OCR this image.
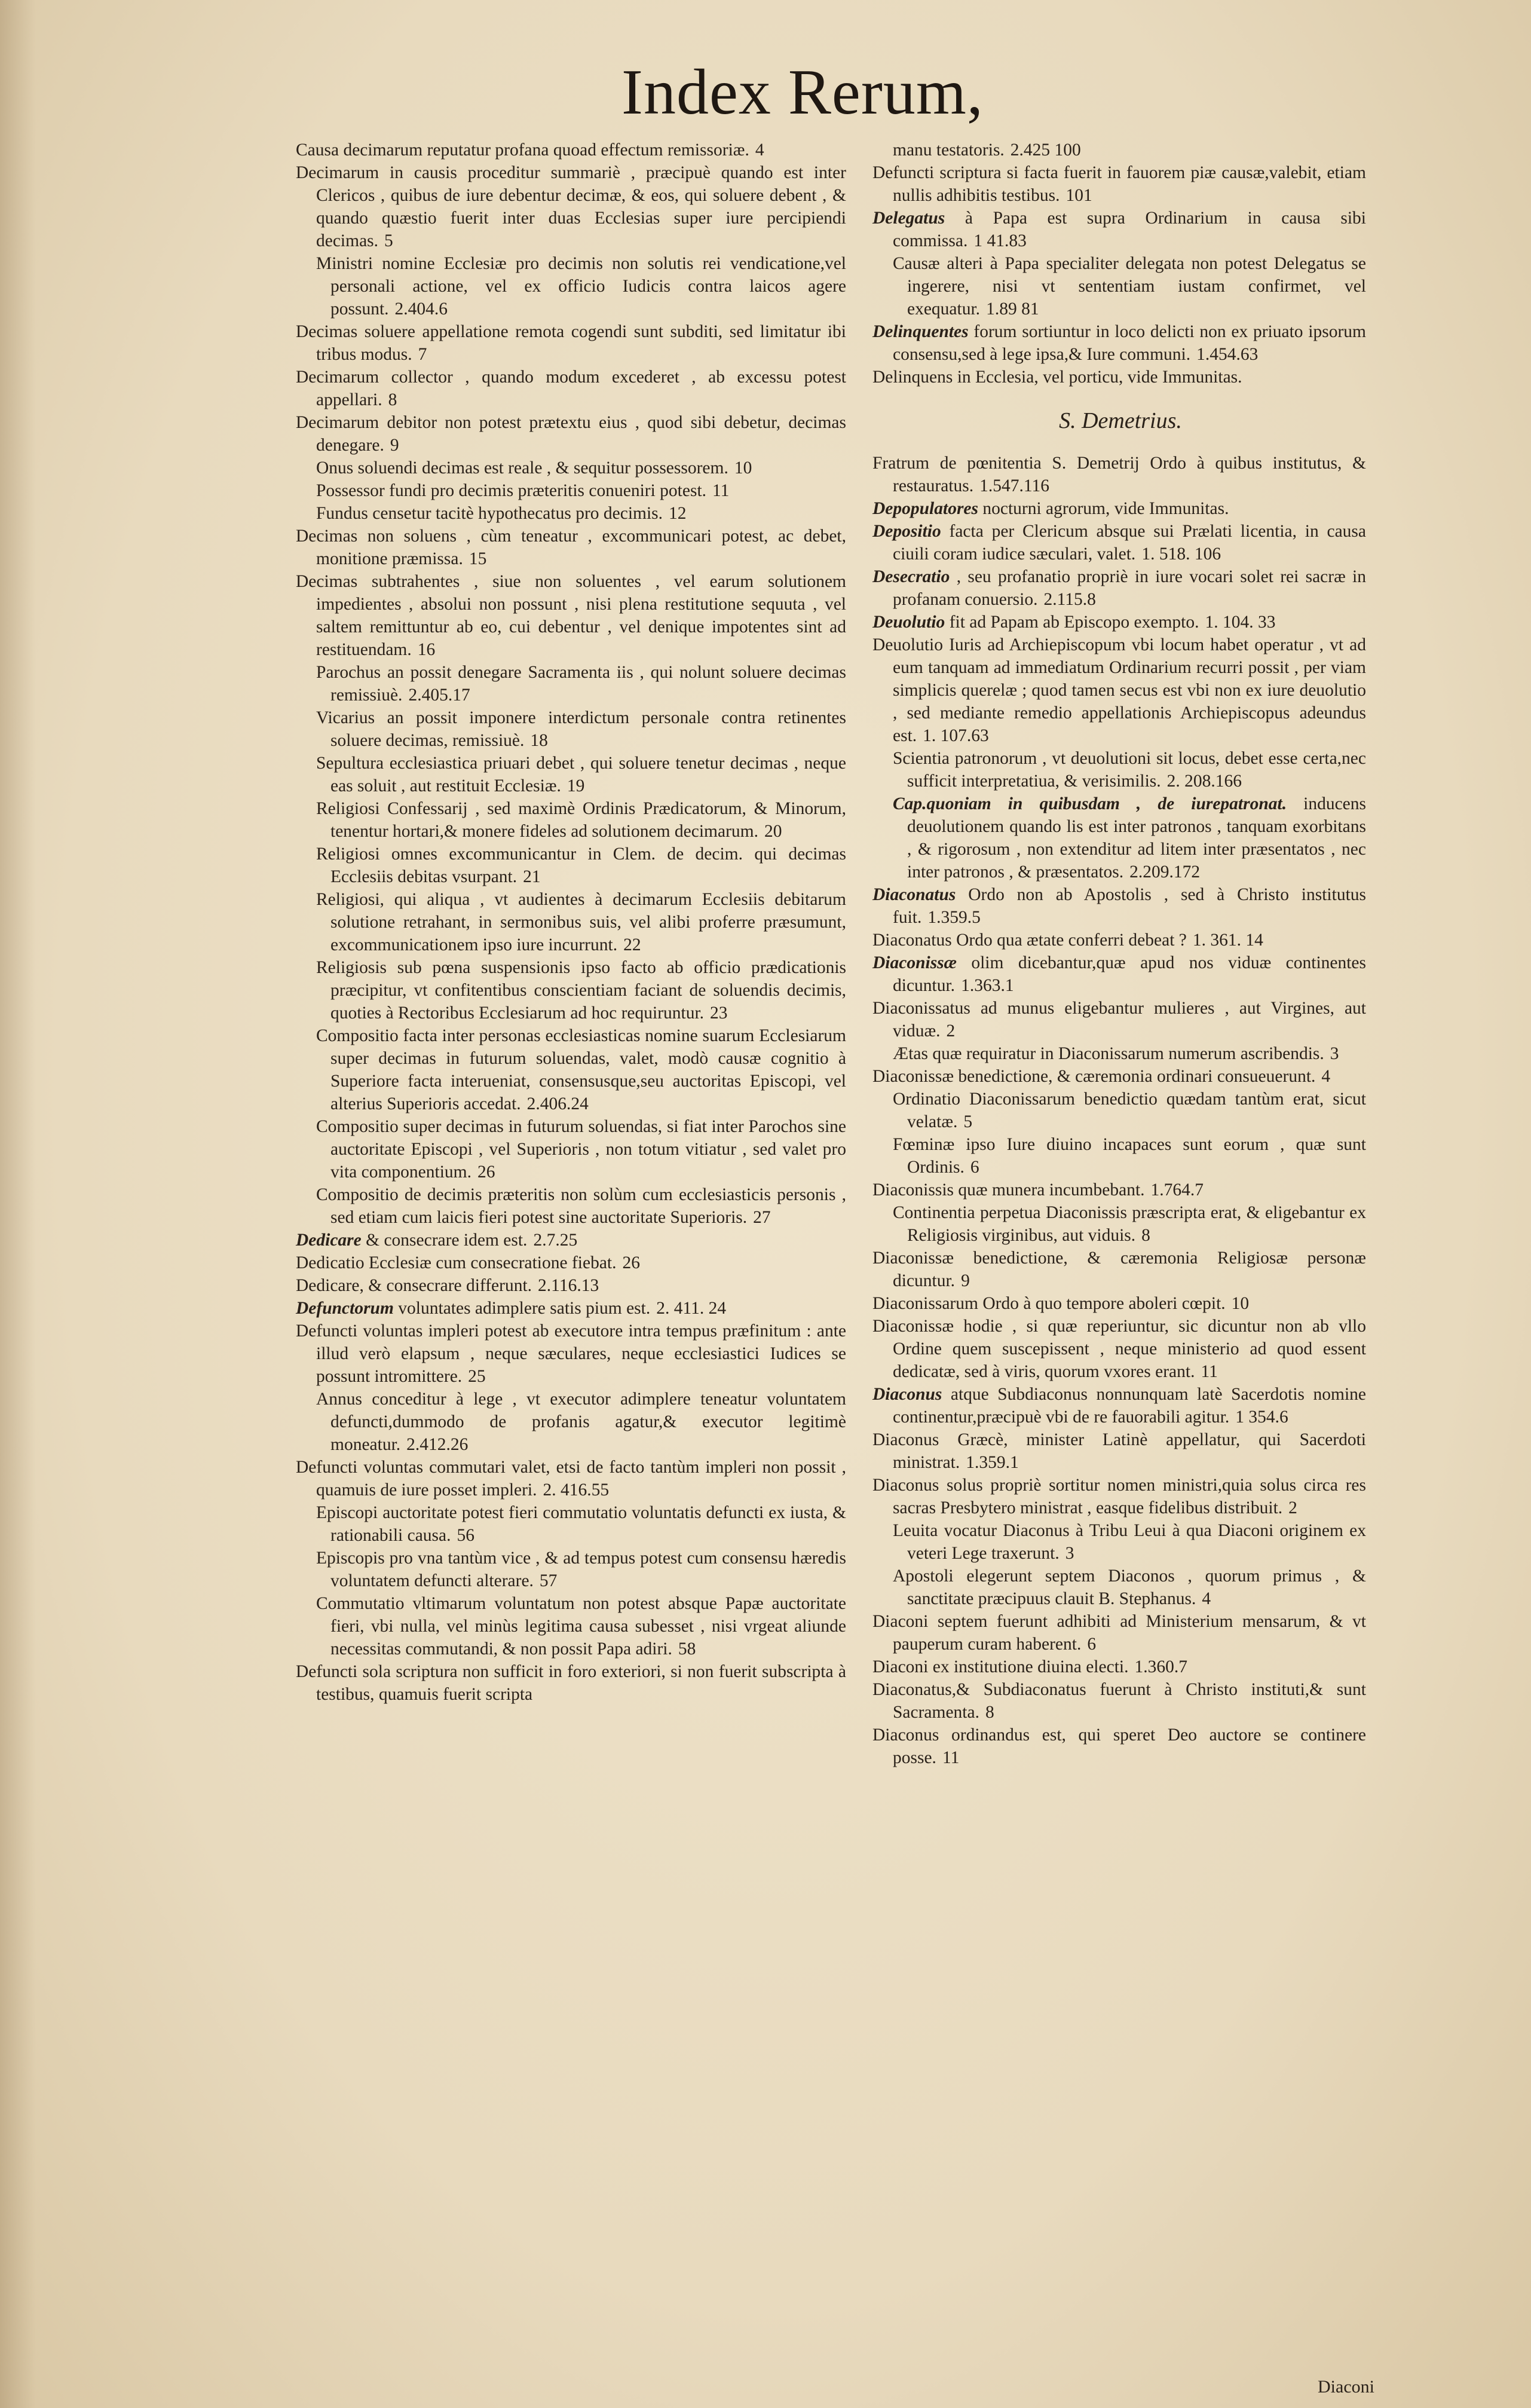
Index Rerum,

Causa decimarum reputatur profana quoad effectum remissoriæ. 4

Decimarum in causis proceditur summariè , præcipuè quando est inter Clericos , quibus de iure debentur decimæ, & eos, qui soluere debent , & quando quæstio fuerit inter duas Ecclesias super iure percipiendi decimas. 5

Ministri nomine Ecclesiæ pro decimis non solutis rei vendicatione,vel personali actione, vel ex officio Iudicis contra laicos agere possunt. 2.404.6

Decimas soluere appellatione remota cogendi sunt subditi, sed limitatur ibi tribus modus. 7

Decimarum collector , quando modum excederet , ab excessu potest appellari. 8

Decimarum debitor non potest prætextu eius , quod sibi debetur, decimas denegare. 9

Onus soluendi decimas est reale , & sequitur possessorem. 10

Possessor fundi pro decimis præteritis conueniri potest. 11

Fundus censetur tacitè hypothecatus pro decimis. 12

Decimas non soluens , cùm teneatur , excommunicari potest, ac debet, monitione præmissa. 15

Decimas subtrahentes , siue non soluentes , vel earum solutionem impedientes , absolui non possunt , nisi plena restitutione sequuta , vel saltem remittuntur ab eo, cui debentur , vel denique impotentes sint ad restituendam. 16

Parochus an possit denegare Sacramenta iis , qui nolunt soluere decimas remissiuè. 2.405.17

Vicarius an possit imponere interdictum personale contra retinentes soluere decimas, remissiuè. 18

Sepultura ecclesiastica priuari debet , qui soluere tenetur decimas , neque eas soluit , aut restituit Ecclesiæ. 19

Religiosi Confessarij , sed maximè Ordinis Prædicatorum, & Minorum, tenentur hortari,& monere fideles ad solutionem decimarum. 20

Religiosi omnes excommunicantur in Clem. de decim. qui decimas Ecclesiis debitas vsurpant. 21

Religiosi, qui aliqua , vt audientes à decimarum Ecclesiis debitarum solutione retrahant, in sermonibus suis, vel alibi proferre præsumunt, excommunicationem ipso iure incurrunt. 22

Religiosis sub pœna suspensionis ipso facto ab officio prædicationis præcipitur, vt confitentibus conscientiam faciant de soluendis decimis, quoties à Rectoribus Ecclesiarum ad hoc requiruntur. 23

Compositio facta inter personas ecclesiasticas nomine suarum Ecclesiarum super decimas in futurum soluendas, valet, modò causæ cognitio à Superiore facta interueniat, consensusque,seu auctoritas Episcopi, vel alterius Superioris accedat. 2.406.24

Compositio super decimas in futurum soluendas, si fiat inter Parochos sine auctoritate Episcopi , vel Superioris , non totum vitiatur , sed valet pro vita componentium. 26

Compositio de decimis præteritis non solùm cum ecclesiasticis personis , sed etiam cum laicis fieri potest sine auctoritate Superioris. 27

Dedicare & consecrare idem est. 2.7.25

Dedicatio Ecclesiæ cum consecratione fiebat. 26

Dedicare, & consecrare differunt. 2.116.13

Defunctorum voluntates adimplere satis pium est. 2. 411. 24

Defuncti voluntas impleri potest ab executore intra tempus præfinitum : ante illud verò elapsum , neque sæculares, neque ecclesiastici Iudices se possunt intromittere. 25

Annus conceditur à lege , vt executor adimplere teneatur voluntatem defuncti,dummodo de profanis agatur,& executor legitimè moneatur. 2.412.26

Defuncti voluntas commutari valet, etsi de facto tantùm impleri non possit , quamuis de iure posset impleri. 2. 416.55

Episcopi auctoritate potest fieri commutatio voluntatis defuncti ex iusta, & rationabili causa. 56

Episcopis pro vna tantùm vice , & ad tempus potest cum consensu hæredis voluntatem defuncti alterare. 57

Commutatio vltimarum voluntatum non potest absque Papæ auctoritate fieri, vbi nulla, vel minùs legitima causa subesset , nisi vrgeat aliunde necessitas commutandi, & non possit Papa adiri. 58

Defuncti sola scriptura non sufficit in foro exteriori, si non fuerit subscripta à testibus, quamuis fuerit scripta

manu testatoris. 2.425 100

Defuncti scriptura si facta fuerit in fauorem piæ causæ,valebit, etiam nullis adhibitis testibus. 101

Delegatus à Papa est supra Ordinarium in causa sibi commissa. 1 41.83

Causæ alteri à Papa specialiter delegata non potest Delegatus se ingerere, nisi vt sententiam iustam confirmet, vel exequatur. 1.89 81

Delinquentes forum sortiuntur in loco delicti non ex priuato ipsorum consensu,sed à lege ipsa,& Iure communi. 1.454.63

Delinquens in Ecclesia, vel porticu, vide Immunitas.

S. Demetrius.

Fratrum de pœnitentia S. Demetrij Ordo à quibus institutus, & restauratus. 1.547.116

Depopulatores nocturni agrorum, vide Immunitas.

Depositio facta per Clericum absque sui Prælati licentia, in causa ciuili coram iudice sæculari, valet. 1. 518. 106

Desecratio , seu profanatio propriè in iure vocari solet rei sacræ in profanam conuersio. 2.115.8

Deuolutio fit ad Papam ab Episcopo exempto. 1. 104. 33

Deuolutio Iuris ad Archiepiscopum vbi locum habet operatur , vt ad eum tanquam ad immediatum Ordinarium recurri possit , per viam simplicis querelæ ; quod tamen secus est vbi non ex iure deuolutio , sed mediante remedio appellationis Archiepiscopus adeundus est. 1. 107.63

Scientia patronorum , vt deuolutioni sit locus, debet esse certa,nec sufficit interpretatiua, & verisimilis. 2. 208.166

Cap.quoniam in quibusdam , de iurepatronat. inducens deuolutionem quando lis est inter patronos , tanquam exorbitans , & rigorosum , non extenditur ad litem inter præsentatos , nec inter patronos , & præsentatos. 2.209.172

Diaconatus Ordo non ab Apostolis , sed à Christo institutus fuit. 1.359.5

Diaconatus Ordo qua ætate conferri debeat ? 1. 361. 14

Diaconissæ olim dicebantur,quæ apud nos viduæ continentes dicuntur. 1.363.1

Diaconissatus ad munus eligebantur mulieres , aut Virgines, aut viduæ. 2

Ætas quæ requiratur in Diaconissarum numerum ascribendis. 3

Diaconissæ benedictione, & cæremonia ordinari consueuerunt. 4

Ordinatio Diaconissarum benedictio quædam tantùm erat, sicut velatæ. 5

Fœminæ ipso Iure diuino incapaces sunt eorum , quæ sunt Ordinis. 6

Diaconissis quæ munera incumbebant. 1.764.7

Continentia perpetua Diaconissis præscripta erat, & eligebantur ex Religiosis virginibus, aut viduis. 8

Diaconissæ benedictione, & cæremonia Religiosæ personæ dicuntur. 9

Diaconissarum Ordo à quo tempore aboleri cœpit. 10

Diaconissæ hodie , si quæ reperiuntur, sic dicuntur non ab vllo Ordine quem suscepissent , neque ministerio ad quod essent dedicatæ, sed à viris, quorum vxores erant. 11

Diaconus atque Subdiaconus nonnunquam latè Sacerdotis nomine continentur,præcipuè vbi de re fauorabili agitur. 1 354.6

Diaconus Græcè, minister Latinè appellatur, qui Sacerdoti ministrat. 1.359.1

Diaconus solus propriè sortitur nomen ministri,quia solus circa res sacras Presbytero ministrat , easque fidelibus distribuit. 2

Leuita vocatur Diaconus à Tribu Leui à qua Diaconi originem ex veteri Lege traxerunt. 3

Apostoli elegerunt septem Diaconos , quorum primus , & sanctitate præcipuus clauit B. Stephanus. 4

Diaconi septem fuerunt adhibiti ad Ministerium mensarum, & vt pauperum curam haberent. 6

Diaconi ex institutione diuina electi. 1.360.7

Diaconatus,& Subdiaconatus fuerunt à Christo instituti,& sunt Sacramenta. 8

Diaconus ordinandus est, qui speret Deo auctore se continere posse. 11

Diaconi
